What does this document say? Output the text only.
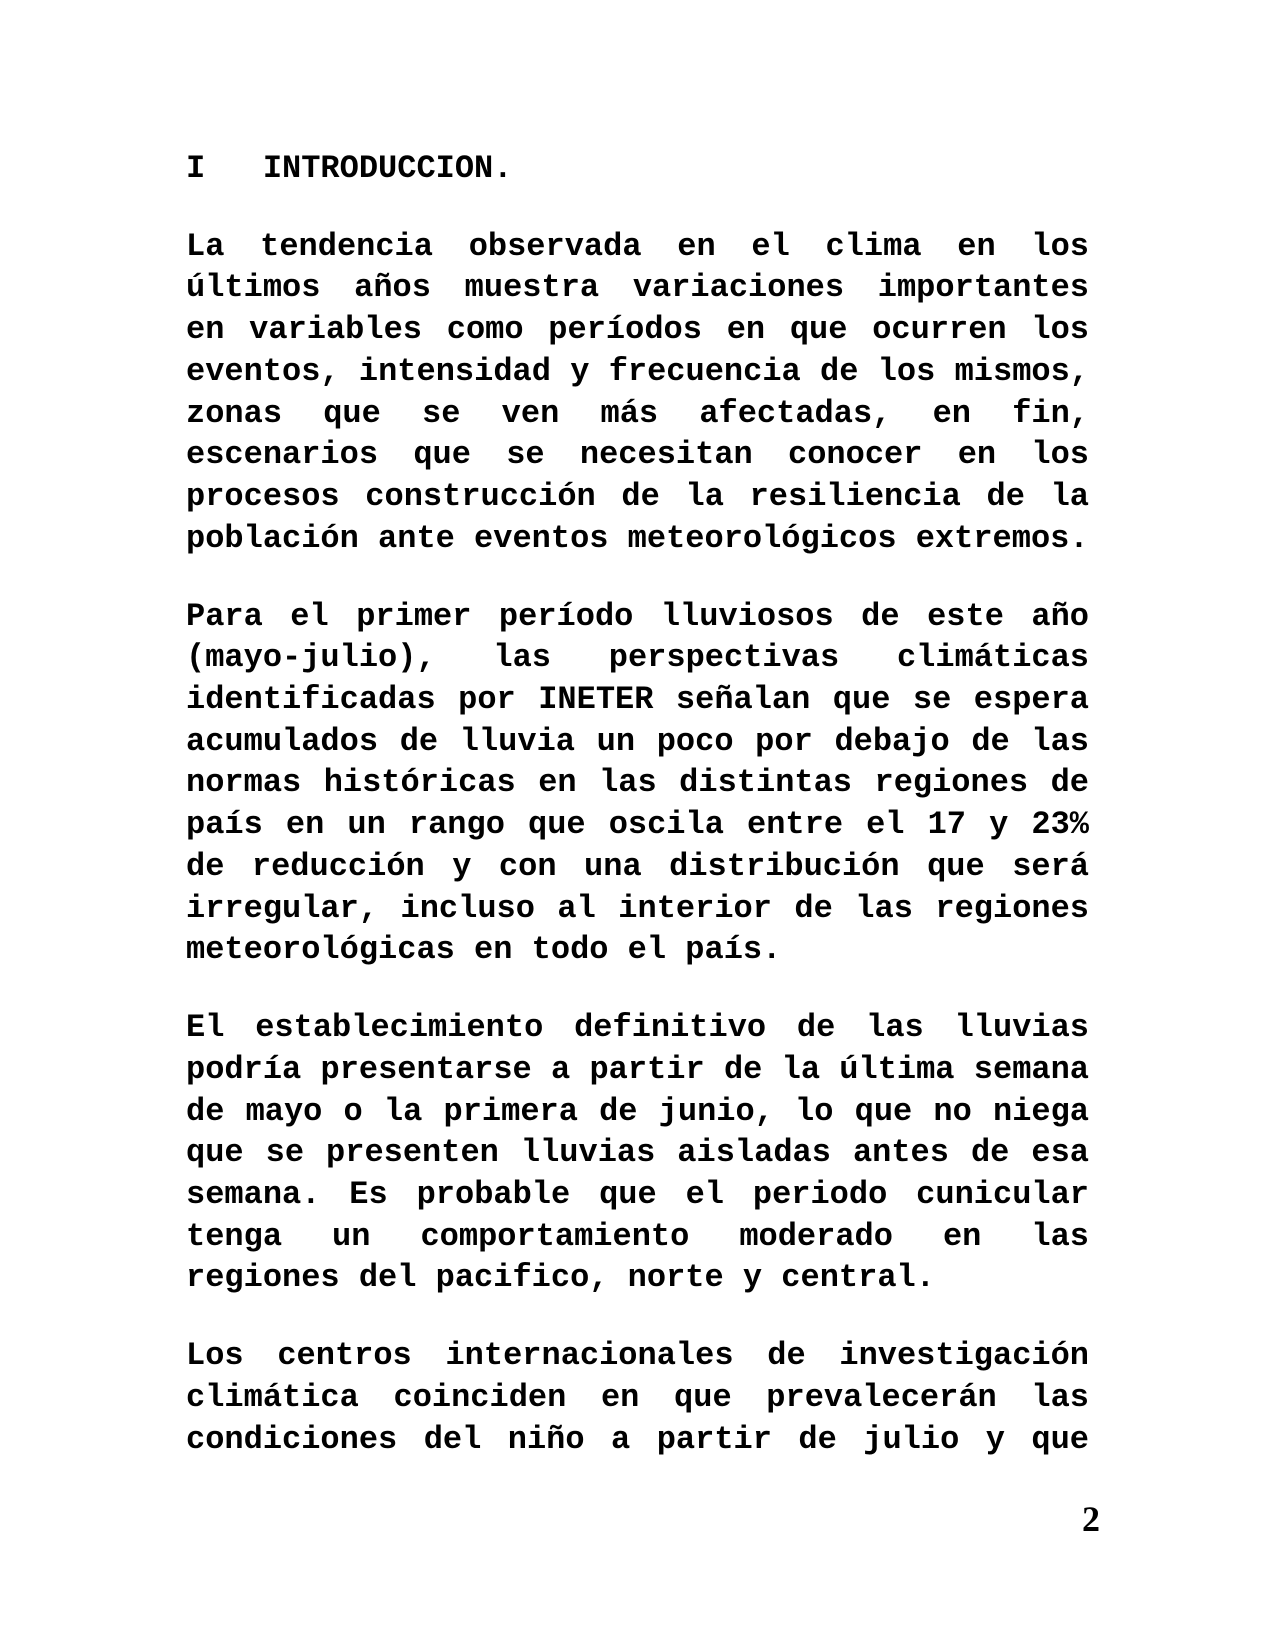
I   INTRODUCCION.
La tendencia observada en el clima en los
últimos años muestra variaciones importantes
en variables como períodos en que ocurren los
eventos, intensidad y frecuencia de los mismos,
zonas que se ven más afectadas, en fin,
escenarios que se necesitan conocer en los
procesos construcción de la resiliencia de la
población ante eventos meteorológicos extremos.
Para el primer período lluviosos de este año
(mayo-julio), las perspectivas climáticas
identificadas por INETER señalan que se espera
acumulados de lluvia un poco por debajo de las
normas históricas en las distintas regiones de
país en un rango que oscila entre el 17 y 23%
de reducción y con una distribución que será
irregular, incluso al interior de las regiones
meteorológicas en todo el país.
El establecimiento definitivo de las lluvias
podría presentarse a partir de la última semana
de mayo o la primera de junio, lo que no niega
que se presenten lluvias aisladas antes de esa
semana. Es probable que el periodo cunicular
tenga un comportamiento moderado en las
regiones del pacifico, norte y central.
Los centros internacionales de investigación
climática coinciden en que prevalecerán las
condiciones del niño a partir de julio y que
2
